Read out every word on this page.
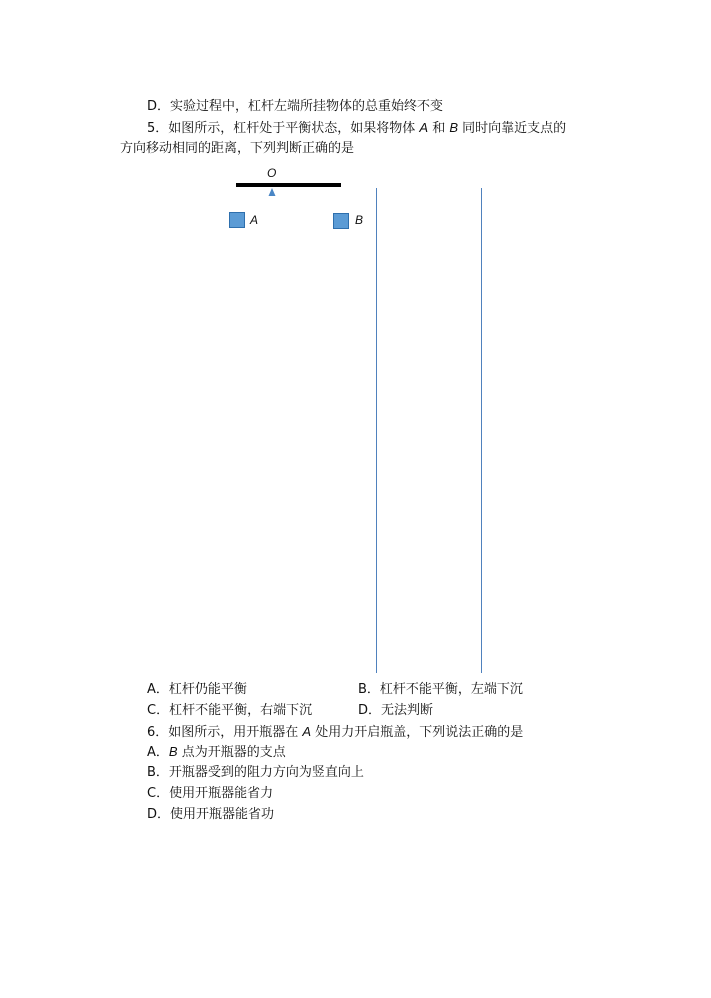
D．实验过程中，杠杆左端所挂物体的总重始终不变
5．如图所示，杠杆处于平衡状态，如果将物体 A 和 B 同时向靠近支点的
方向移动相同的距离，下列判断正确的是
O
A	B
A．杠杆仍能平衡	B．杠杆不能平衡，左端下沉
C．杠杆不能平衡，右端下沉	D．无法判断
6．如图所示，用开瓶器在 A 处用力开启瓶盖，下列说法正确的是
A．B 点为开瓶器的支点
B．开瓶器受到的阻力方向为竖直向上
C．使用开瓶器能省力
D．使用开瓶器能省功
